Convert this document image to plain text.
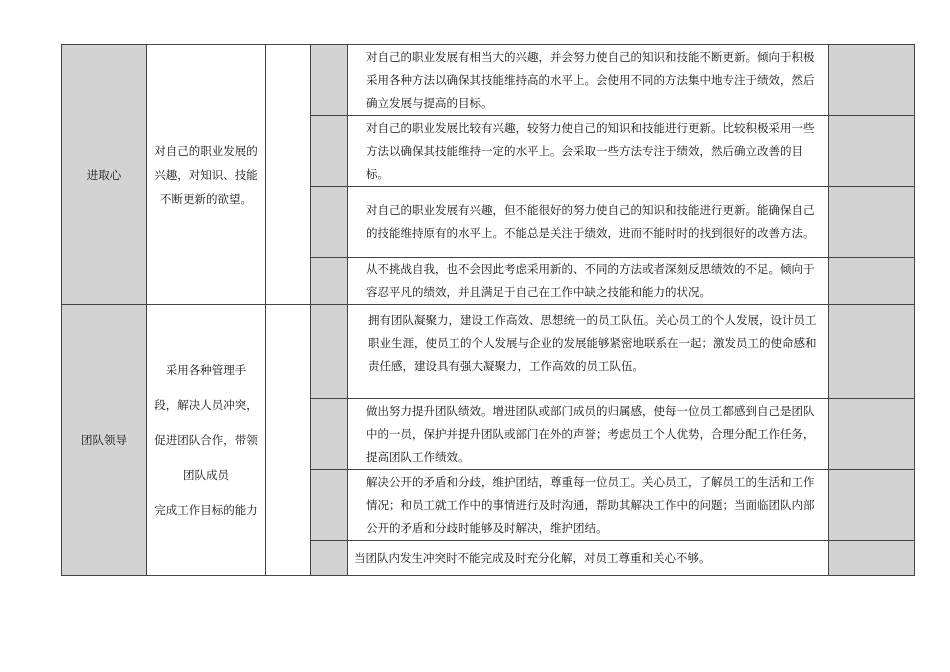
进取心	对自己的职业发展的
兴趣，对知识、技能
不断更新的欲望。			对自己的职业发展有相当大的兴趣，并会努力使自己的知识和技能不断更新。倾向于积极采用各种方法以确保其技能维持高的水平上。会使用不同的方法集中地专注于绩效，然后确立发展与提高的目标。	
				对自己的职业发展比较有兴趣，较努力使自己的知识和技能进行更新。比较积极采用一些方法以确保其技能维持一定的水平上。会采取一些方法专注于绩效，然后确立改善的目标。	
				对自己的职业发展有兴趣，但不能很好的努力使自己的知识和技能进行更新。能确保自己的技能维持原有的水平上。不能总是关注于绩效，进而不能时时的找到很好的改善方法。	
				从不挑战自我，也不会因此考虑采用新的、不同的方法或者深刻反思绩效的不足。倾向于容忍平凡的绩效，并且满足于自己在工作中缺之技能和能力的状况。	
团队领导	采用各种管理手
段，解决人员冲突，
促进团队合作，带领
团队成员
完成工作目标的能力			拥有团队凝聚力，建设工作高效、思想统一的员工队伍。关心员工的个人发展，设计员工职业生涯，使员工的个人发展与企业的发展能够紧密地联系在一起；激发员工的使命感和责任感，建设具有强大凝聚力，工作高效的员工队伍。	
				做出努力提升团队绩效。增进团队或部门成员的归属感，使每一位员工都感到自己是团队中的一员，保护并提升团队或部门在外的声誉；考虑员工个人优势，合理分配工作任务，提高团队工作绩效。	
				解决公开的矛盾和分歧，维护团结，尊重每一位员工。关心员工，了解员工的生活和工作情况；和员工就工作中的事情进行及时沟通，帮助其解决工作中的问题；当面临团队内部公开的矛盾和分歧时能够及时解决，维护团结。	
				当团队内发生冲突时不能完成及时充分化解，对员工尊重和关心不够。	
